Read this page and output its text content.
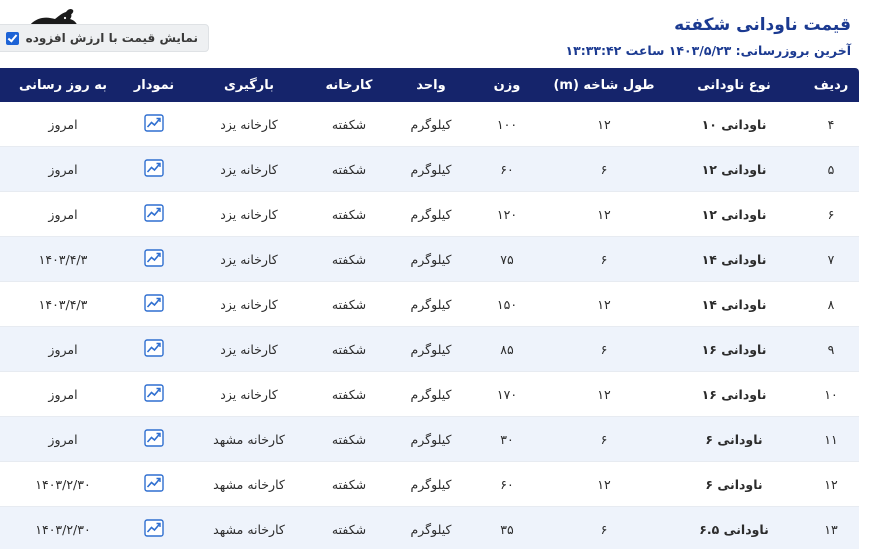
قیمت ناودانی شکفته
آخرین بروزرسانی: ۱۴۰۳/۵/۲۳ ساعت ۱۳:۳۳:۴۲
نمایش قیمت با ارزش افزوده
ردیف	نوع ناودانی	طول شاخه (m)	وزن	واحد	کارخانه	بارگیری	نمودار	به روز رسانی		
۴	ناودانی ۱۰	۱۲	۱۰۰	کیلوگرم	شکفته	کارخانه یزد		امروز		
۵	ناودانی ۱۲	۶	۶۰	کیلوگرم	شکفته	کارخانه یزد		امروز		
۶	ناودانی ۱۲	۱۲	۱۲۰	کیلوگرم	شکفته	کارخانه یزد		امروز		
۷	ناودانی ۱۴	۶	۷۵	کیلوگرم	شکفته	کارخانه یزد		۱۴۰۳/۴/۳		
۸	ناودانی ۱۴	۱۲	۱۵۰	کیلوگرم	شکفته	کارخانه یزد		۱۴۰۳/۴/۳		
۹	ناودانی ۱۶	۶	۸۵	کیلوگرم	شکفته	کارخانه یزد		امروز		
۱۰	ناودانی ۱۶	۱۲	۱۷۰	کیلوگرم	شکفته	کارخانه یزد		امروز		
۱۱	ناودانی ۶	۶	۳۰	کیلوگرم	شکفته	کارخانه مشهد		امروز		
۱۲	ناودانی ۶	۱۲	۶۰	کیلوگرم	شکفته	کارخانه مشهد		۱۴۰۳/۲/۳۰		
۱۳	ناودانی ۶.۵	۶	۳۵	کیلوگرم	شکفته	کارخانه مشهد		۱۴۰۳/۲/۳۰		
